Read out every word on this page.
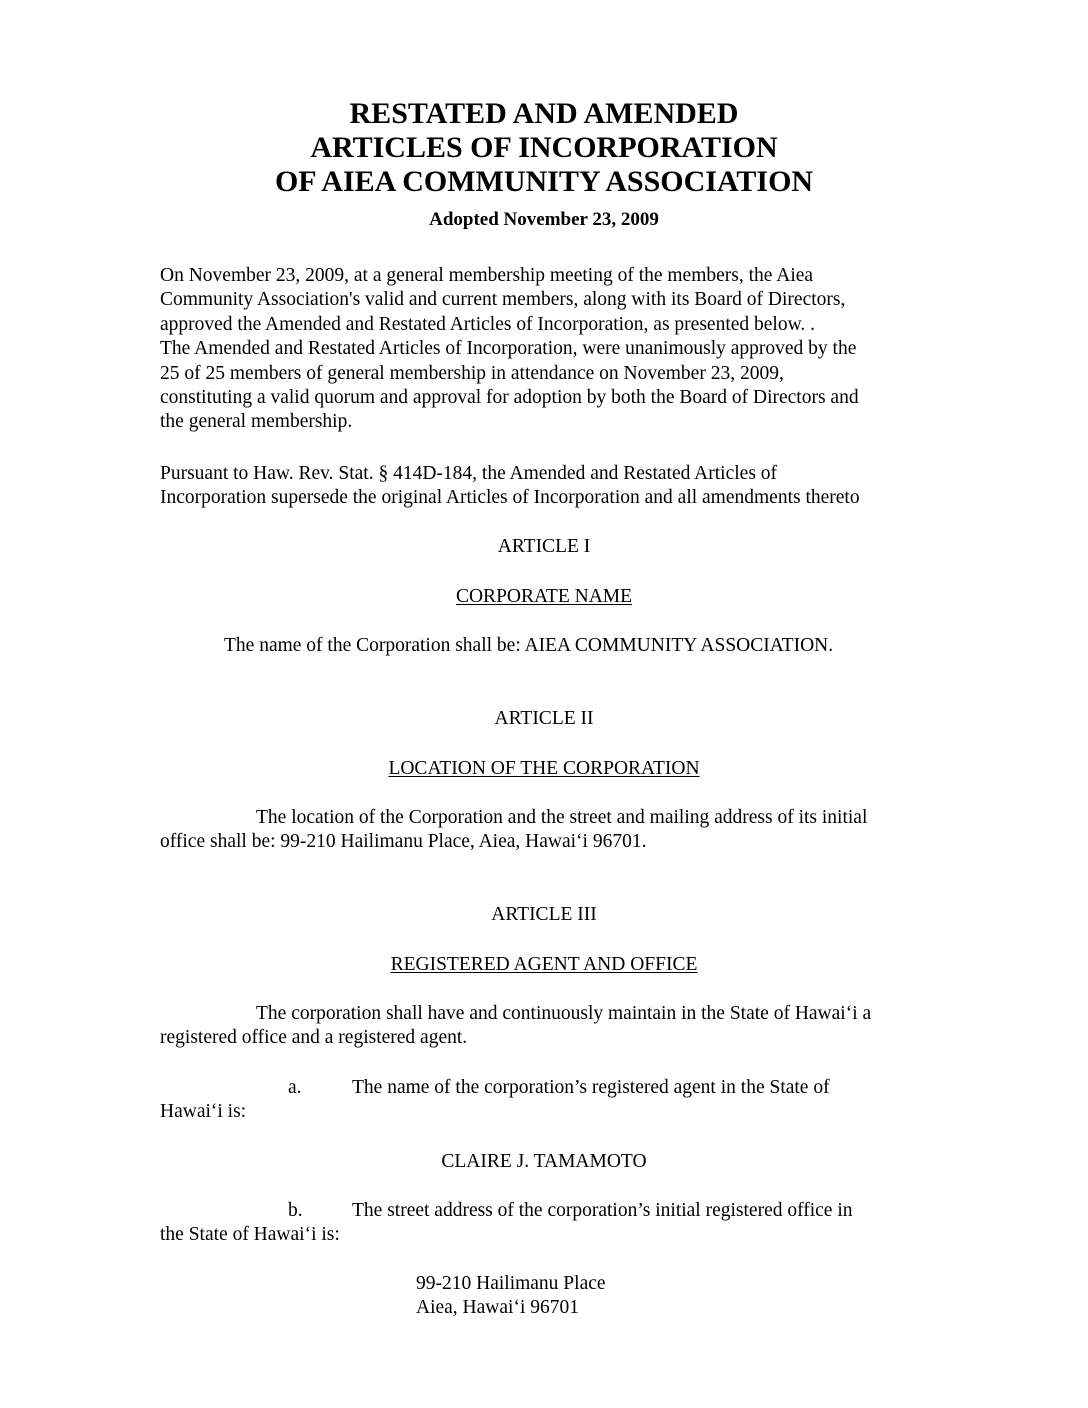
RESTATED AND AMENDED
ARTICLES OF INCORPORATION
OF AIEA COMMUNITY ASSOCIATION

Adopted November 23, 2009

On November 23, 2009, at a general membership meeting of the members, the Aiea
Community Association's valid and current members, along with its Board of Directors,
approved the Amended and Restated Articles of Incorporation, as presented below. .
The Amended and Restated Articles of Incorporation, were unanimously approved by the
25 of 25 members of general membership in attendance on November 23, 2009,
constituting a valid quorum and approval for adoption by both the Board of Directors and
the general membership.

Pursuant to Haw. Rev. Stat. § 414D-184, the Amended and Restated Articles of
Incorporation supersede the original Articles of Incorporation and all amendments thereto

ARTICLE I

CORPORATE NAME

The name of the Corporation shall be: AIEA COMMUNITY ASSOCIATION.

ARTICLE II

LOCATION OF THE CORPORATION

The location of the Corporation and the street and mailing address of its initial

office shall be: 99-210 Hailimanu Place, Aiea, Hawai‘i 96701.

ARTICLE III

REGISTERED AGENT AND OFFICE

The corporation shall have and continuously maintain in the State of Hawai‘i a

registered office and a registered agent.

a.	The name of the corporation’s registered agent in the State of

Hawai‘i is:

CLAIRE J. TAMAMOTO

b.	The street address of the corporation’s initial registered office in

the State of Hawai‘i is:

99-210 Hailimanu Place

Aiea, Hawai‘i 96701
